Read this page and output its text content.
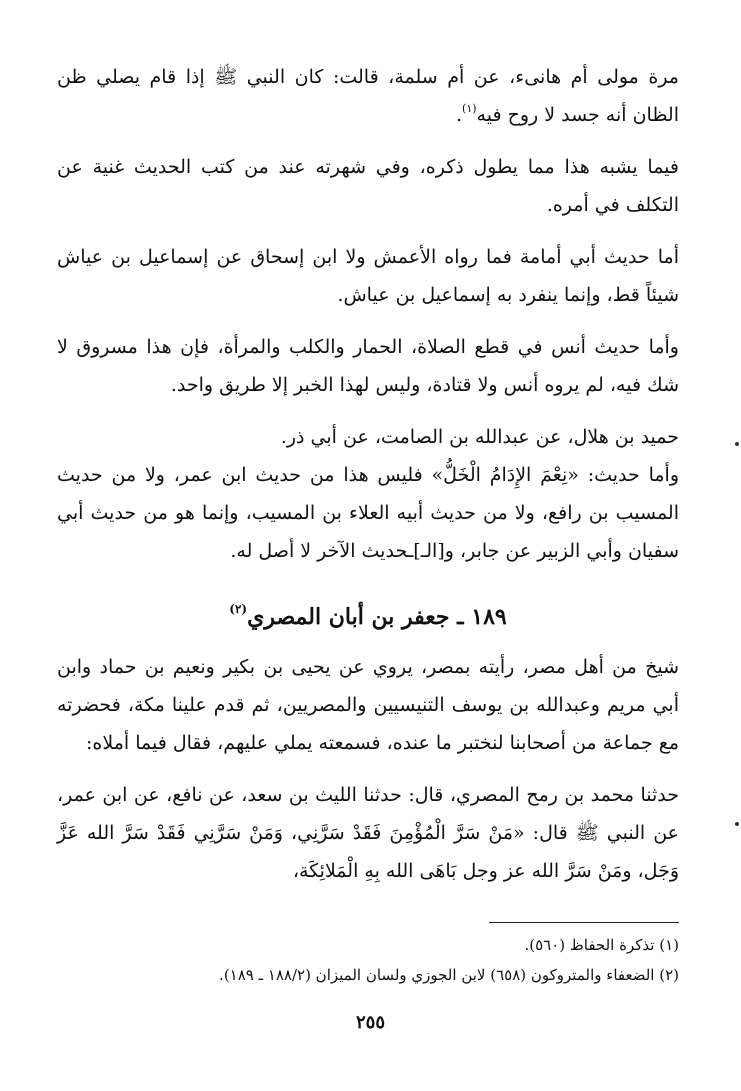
مرة مولى أم هانىء، عن أم سلمة، قالت: كان النبي ﷺ إذا قام يصلي ظن الظان أنه جسد لا روح فيه$^{(١)}$.

فيما يشبه هذا مما يطول ذكره، وفي شهرته عند من كتب الحديث غنية عن التكلف في أمره.

أما حديث أبي أمامة فما رواه الأعمش ولا ابن إسحاق عن إسماعيل بن عياش شيئاً قط، وإنما ينفرد به إسماعيل بن عياش.

وأما حديث أنس في قطع الصلاة، الحمار والكلب والمرأة، فإن هذا مسروق لا شك فيه، لم يروه أنس ولا قتادة، وليس لهذا الخبر إلا طريق واحد.

حميد بن هلال، عن عبدالله بن الصامت، عن أبي ذر.

وأما حديث: «نِعْمَ الإِدَامُ الْخَلُّ» فليس هذا من حديث ابن عمر، ولا من حديث المسيب بن رافع، ولا من حديث أبيه العلاء بن المسيب، وإنما هو من حديث أبي سفيان وأبي الزبير عن جابر، و[الـ]ـحديث الآخر لا أصل له.

١٨٩ ـ جعفر بن أبان المصري$^{(٢)}$

شيخ من أهل مصر، رأيته بمصر، يروي عن يحيى بن بكير ونعيم بن حماد وابن أبي مريم وعبدالله بن يوسف التنيسيين والمصريين، ثم قدم علينا مكة، فحضرته مع جماعة من أصحابنا لنختبر ما عنده، فسمعته يملي عليهم، فقال فيما أملاه:

حدثنا محمد بن رمح المصري، قال: حدثنا الليث بن سعد، عن نافع، عن ابن عمر، عن النبي ﷺ قال: «مَنْ سَرَّ الْمُؤْمِنَ فَقَدْ سَرَّنِي، وَمَنْ سَرَّنِي فَقَدْ سَرَّ الله عَزَّ وَجَل، ومَنْ سَرَّ الله عز وجل بَاهَى الله بِهِ الْمَلائِكَة،

(١) تذكرة الحفاظ (٥٦٠).

(٢) الضعفاء والمتروكون (٦٥٨) لابن الجوزي ولسان الميزان (١٨٨/٢ ـ ١٨٩).

٢٥٥
